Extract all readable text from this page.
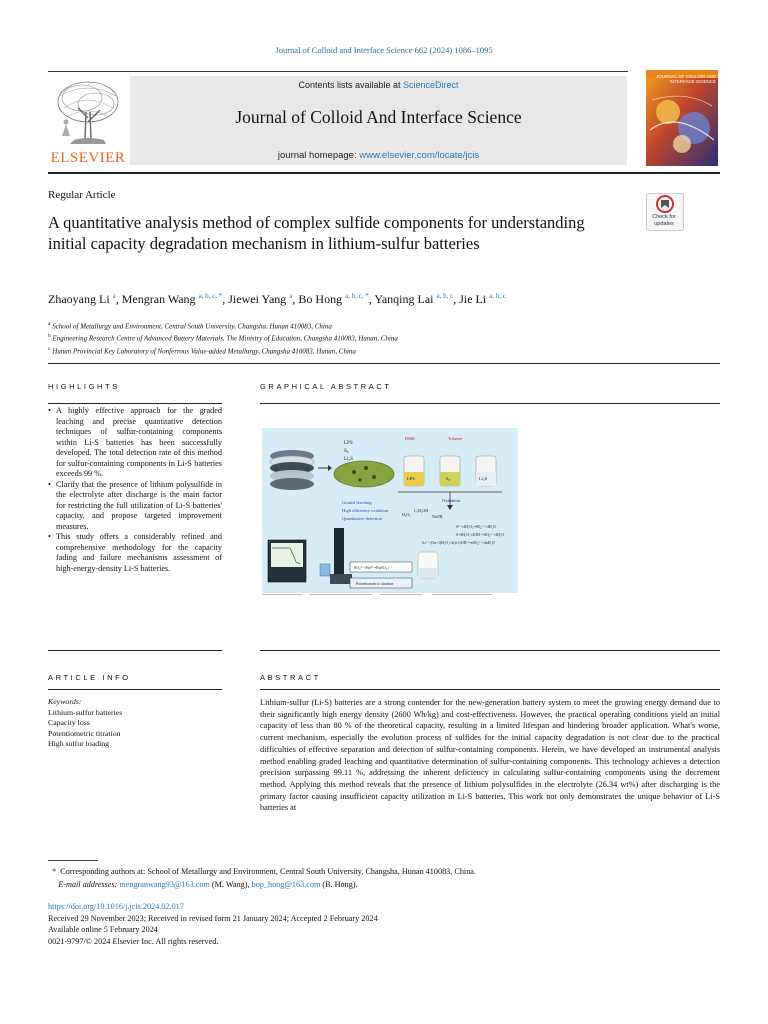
Journal of Colloid and Interface Science 662 (2024) 1086–1095
Contents lists available at ScienceDirect
Journal of Colloid And Interface Science
journal homepage: www.elsevier.com/locate/jcis
ELSEVIER
JOURNAL OF COLLOID AND INTERFACE SCIENCE
Regular Article
A quantitative analysis method of complex sulfide components for understanding initial capacity degradation mechanism in lithium-sulfur batteries
Check for
updates
Zhaoyang Li $^a$, Mengran Wang $^{a, b, c, *}$, Jiewei Yang $^a$, Bo Hong $^{a, b, c, *}$, Yanqing Lai $^{a, b, c}$, Jie Li $^{a, b, c}$
$^a$ School of Metallurgy and Environment, Central South University, Changsha, Hunan 410083, China
$^b$ Engineering Research Centre of Advanced Battery Materials, The Ministry of Education, Changsha 410083, Hunan, China
$^c$ Hunan Provincial Key Laboratory of Nonferrous Value-added Metallurgy, Changsha 410083, Hunan, China
HIGHLIGHTS	GRAPHICAL ABSTRACT
• A highly effective approach for the graded leaching and precise quantitative detection techniques of sulfur-containing components within Li-S batteries has been successfully developed. The total detection rate of this method for sulfur-containing components in Li-S batteries exceeds 99 %.
• Clarify that the presence of lithium polysulfide in the electrolyte after discharge is the main factor for restricting the full utilization of Li-S batteries' capacity, and propose targeted improvement measures.
• This study offers a considerably refined and comprehensive methodology for the capacity fading and failure mechanisms assessment of high-energy-density Li-S batteries.
LPS
S₈
Li₂S
DME	Toluene
LPS	S₈	Li₂S
Oxidation
Graded leaching
High efficiency oxidation
Quantitative detection
H₂O₂
C₂H₅OH
NaOH
S²⁻+4H₂O₂=SO₄²⁻+4H₂O
S+3H₂O₂+2OH⁻=SO₄²⁻+4H₂O
Sₙ²⁻+(3n+1)H₂O₂+2(n-1)OH⁻=nSO₄²⁻+4nH₂O
SO₄²⁻+Ba²⁺=BaSO₄↓
Potentiometric titration
ARTICLE INFO	ABSTRACT
Keywords:
Lithium-sulfur batteries
Capacity loss
Potentiometric titration
High sulfur loading
Lithium-sulfur (Li-S) batteries are a strong contender for the new-generation battery system to meet the growing energy demand due to their significantly high energy density (2600 Wh/kg) and cost-effectiveness. However, the practical operating conditions yield an initial capacity of less than 80 % of the theoretical capacity, resulting in a limited lifespan and hindering broader application. What's worse, current mechanism, especially the evolution process of sulfides for the initial capacity degradation is not clear due to the practical difficulties of effective separation and detection of sulfur-containing components. Herein, we have developed an instrumental analysis method enabling graded leaching and quantitative determination of sulfur-containing components. This technology achieves a detection precision surpassing 99.11 %, addressing the inherent deficiency in calculating sulfur-containing components using the decrement method. Applying this method reveals that the presence of lithium polysulfides in the electrolyte (26.34 wt%) after discharging is the primary factor causing insufficient capacity utilization in Li-S batteries. This work not only demonstrates the unique behavior of Li-S batteries at
* Corresponding authors at: School of Metallurgy and Environment, Central South University, Changsha, Hunan 410083, China.
E-mail addresses: mengranwang93@163.com (M. Wang), bop_hong@163.com (B. Hong).
https://doi.org/10.1016/j.jcis.2024.02.017
Received 29 November 2023; Received in revised form 21 January 2024; Accepted 2 February 2024
Available online 5 February 2024
0021-9797/© 2024 Elsevier Inc. All rights reserved.
